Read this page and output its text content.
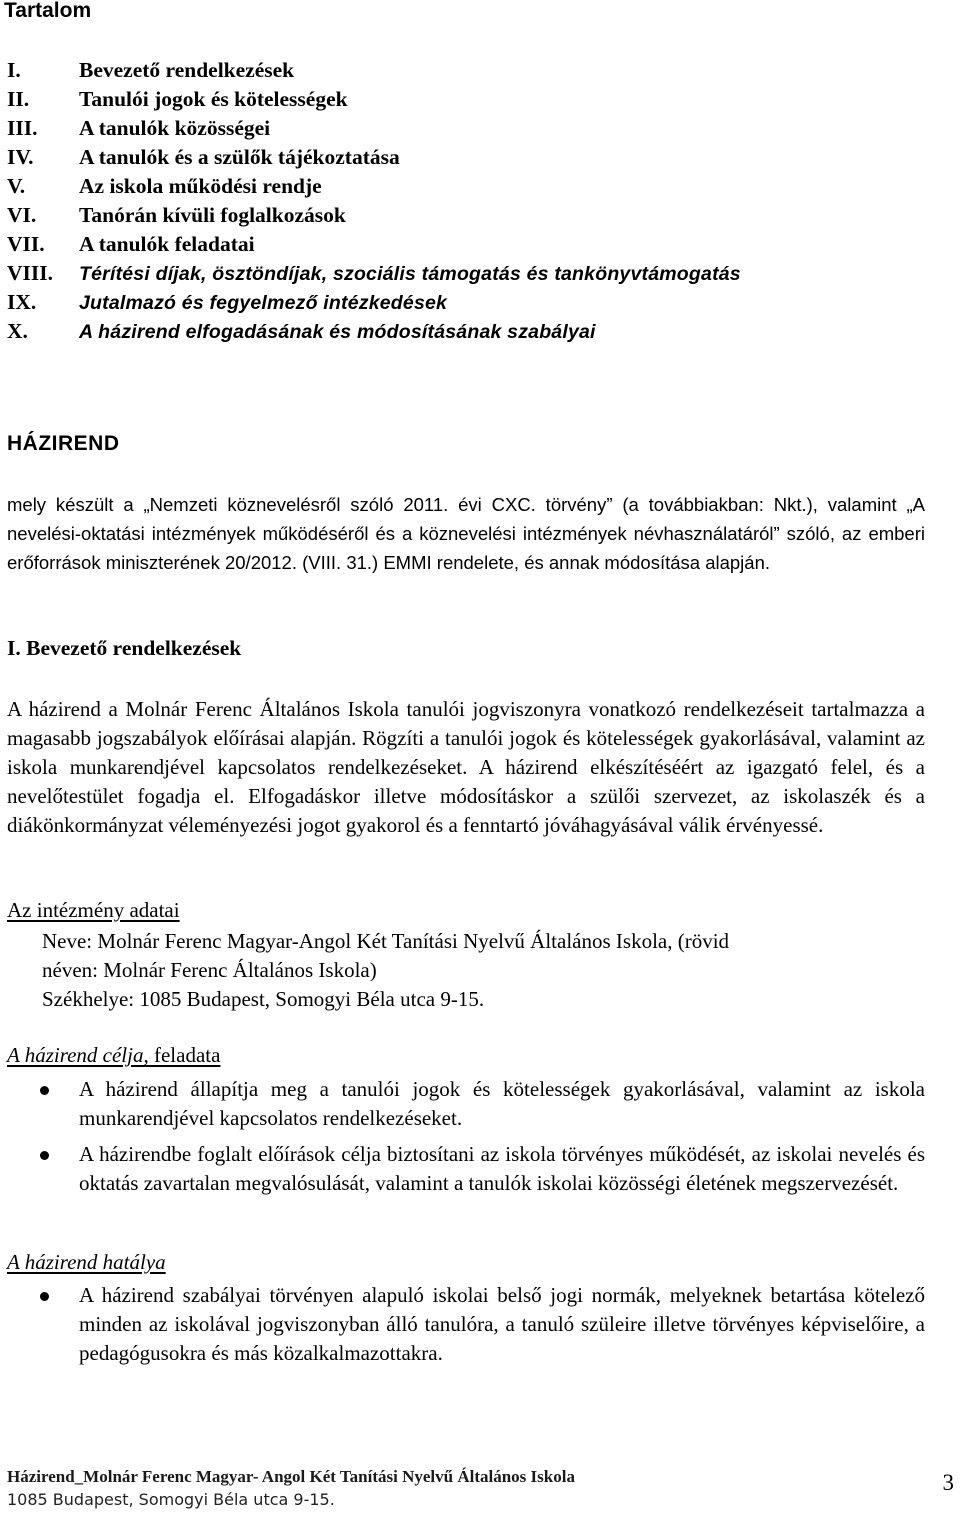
Tartalom
I.	Bevezető rendelkezések
II. Tanulói jogok és kötelességek
III. A tanulók közösségei
IV. A tanulók és a szülők tájékoztatása
V.	Az iskola működési rendje
VI. Tanórán kívüli foglalkozások
VII. A tanulók feladatai
VIII. Térítési díjak, ösztöndíjak, szociális támogatás és tankönyvtámogatás
IX. Jutalmazó és fegyelmező intézkedések
X.	A házirend elfogadásának és módosításának szabályai
HÁZIREND

mely készült a „Nemzeti köznevelésről szóló 2011. évi CXC. törvény” (a továbbiakban: Nkt.), valamint „A nevelési-oktatási intézmények működéséről és a köznevelési intézmények névhasználatáról” szóló, az emberi erőforrások miniszterének 20/2012. (VIII. 31.) EMMI rendelete, és annak módosítása alapján.

I. Bevezető rendelkezések

A házirend a Molnár Ferenc Általános Iskola tanulói jogviszonyra vonatkozó rendelkezéseit tartalmazza a magasabb jogszabályok előírásai alapján. Rögzíti a tanulói jogok és kötelességek gyakorlásával, valamint az iskola munkarendjével kapcsolatos rendelkezéseket. A házirend elkészítéséért az igazgató felel, és a nevelőtestület fogadja el. Elfogadáskor illetve módosításkor a szülői szervezet, az iskolaszék és a diákönkormányzat véleményezési jogot gyakorol és a fenntartó jóváhagyásával válik érvényessé.

Az intézmény adatai
Neve: Molnár Ferenc Magyar-Angol Két Tanítási Nyelvű Általános Iskola, (rövid
néven: Molnár Ferenc Általános Iskola)
Székhelye: 1085 Budapest, Somogyi Béla utca 9-15.
A házirend célja, feladata
A házirend állapítja meg a tanulói jogok és kötelességek gyakorlásával, valamint az iskola munkarendjével kapcsolatos rendelkezéseket.
A házirendbe foglalt előírások célja biztosítani az iskola törvényes működését, az iskolai nevelés és oktatás zavartalan megvalósulását, valamint a tanulók iskolai közösségi életének megszervezését.
A házirend hatálya
A házirend szabályai törvényen alapuló iskolai belső jogi normák, melyeknek betartása kötelező minden az iskolával jogviszonyban álló tanulóra, a tanuló szüleire illetve törvényes képviselőire, a pedagógusokra és más közalkalmazottakra.
Házirend_Molnár Ferenc Magyar- Angol Két Tanítási Nyelvű Általános Iskola
1085 Budapest, Somogyi Béla utca 9-15.
3
